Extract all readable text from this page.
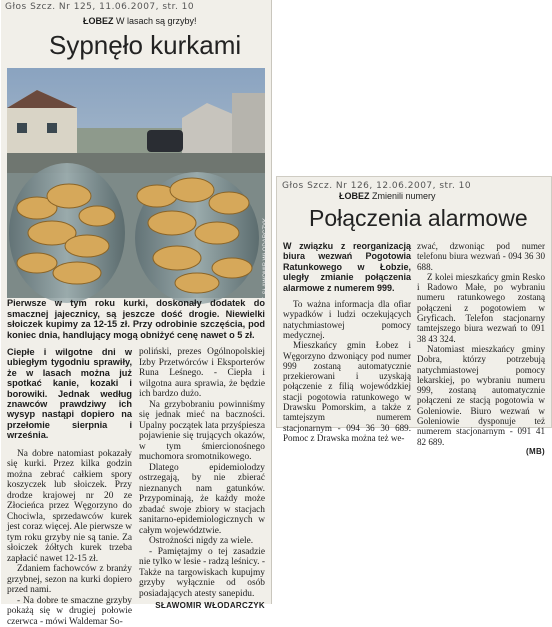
Głos Szcz. Nr 125, 11.06.2007, str. 10
ŁOBEZ W lasach są grzyby!
Sypnęło kurkami
FOT. SŁAWOMIR WŁODARCZYK
Pierwsze w tym roku kurki, doskonały dodatek do smacznej jajecznicy, są jeszcze dość drogie. Niewielki słoiczek kupimy za 12-15 zł. Przy odrobinie szczęścia, pod koniec dnia, handlujący mogą obniżyć cenę nawet o 5 zł.
Ciepłe i wilgotne dni w ubiegłym tygodniu sprawiły, że w lasach można już spotkać kanie, kozaki i borowiki. Jednak według znawców prawdziwy ich wysyp nastąpi dopiero na przełomie sierpnia i września.

Na dobre natomiast pokazały się kurki. Przez kilka godzin można zebrać całkiem spory koszyczek lub słoiczek. Przy drodze krajowej nr 20 ze Złocieńca przez Węgorzyno do Chociwla, sprzedawców kurek jest coraz więcej. Ale pierwsze w tym roku grzyby nie są tanie. Za słoiczek żółtych kurek trzeba zapłacić nawet 12-15 zł.

Zdaniem fachowców z branży grzybnej, sezon na kurki dopiero przed nami.

- Na dobre te smaczne grzyby pokażą się w drugiej połowie czerwca - mówi Waldemar So-

poliński, prezes Ogólnopolskiej Izby Przetwórców i Eksporterów Runa Leśnego. - Ciepła i wilgotna aura sprawia, że będzie ich bardzo dużo.

Na grzybobraniu powinniśmy się jednak mieć na baczności. Upalny początek lata przyśpiesza pojawienie się trujących okazów, w tym śmiercionośnego muchomora sromotnikowego.

Dlatego epidemiolodzy ostrzegają, by nie zbierać nieznanych nam gatunków. Przypominają, że każdy może zbadać swoje zbiory w stacjach sanitarno-epidemiologicznych w całym województwie.

Ostrożności nigdy za wiele.

- Pamiętajmy o tej zasadzie nie tylko w lesie - radzą leśnicy. - Także na targowiskach kupujmy grzyby wyłącznie od osób posiadających atesty sanepidu.

SŁAWOMIR WŁODARCZYK
Głos Szcz. Nr 126, 12.06.2007, str. 10
ŁOBEZ Zmienili numery
Połączenia alarmowe
W związku z reorganizacją biura wezwań Pogotowia Ratunkowego w Łobzie, uległy zmianie połączenia alarmowe z numerem 999.

To ważna informacja dla ofiar wypadków i ludzi oczekujących natychmiastowej pomocy medycznej.

Mieszkańcy gmin Łobez i Węgorzyno dzwoniący pod numer 999 zostaną automatycznie przekierowani i uzyskają połączenie z filią wojewódzkiej stacji pogotowia ratunkowego w Drawsku Pomorskim, a także z tamtejszym numerem stacjonarnym - 094 36 30 689. Pomoc z Drawska można też we-

zwać, dzwoniąc pod numer telefonu biura wezwań - 094 36 30 688.

Z kolei mieszkańcy gmin Resko i Radowo Małe, po wybraniu numeru ratunkowego zostaną połączeni z pogotowiem w Gryficach. Telefon stacjonarny tamtejszego biura wezwań to 091 38 43 324.

Natomiast mieszkańcy gminy Dobra, którzy potrzebują natychmiastowej pomocy lekarskiej, po wybraniu numeru 999, zostaną automatycznie połączeni ze stacją pogotowia w Goleniowie. Biuro wezwań w Goleniowie dysponuje też numerem stacjonarnym - 091 41 82 689.

(MB)
